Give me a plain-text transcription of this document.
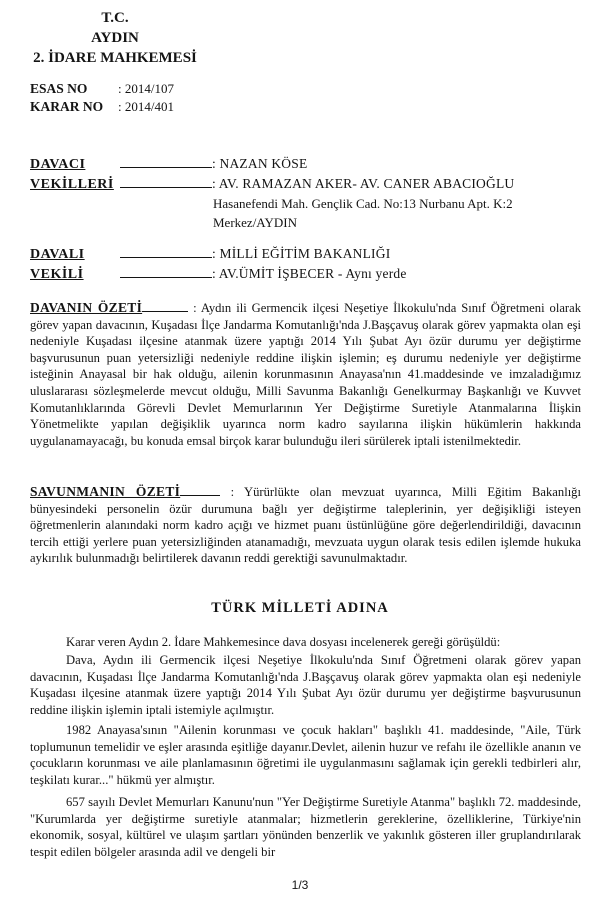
T.C.
AYDIN
2. İDARE MAHKEMESİ
ESAS NO	: 2014/107
KARAR NO	: 2014/401
DAVACI	: NAZAN KÖSE
VEKİLLERİ	: AV. RAMAZAN AKER- AV. CANER ABACIOĞLU
Hasanefendi Mah. Gençlik Cad. No:13 Nurbanu Apt. K:2
Merkez/AYDIN
DAVALI	: MİLLİ EĞİTİM BAKANLIĞI
VEKİLİ	: AV.ÜMİT İŞBECER - Aynı yerde
DAVANIN ÖZETİ	: Aydın ili Germencik ilçesi Neşetiye İlkokulu'nda Sınıf Öğretmeni olarak görev yapan davacının, Kuşadası İlçe Jandarma Komutanlığı'nda J.Başçavuş olarak görev yapmakta olan eşi nedeniyle Kuşadası ilçesine atanmak üzere yaptığı 2014 Yılı Şubat Ayı özür durumu yer değiştirme başvurusunun puan yetersizliği nedeniyle reddine ilişkin işlemin; eş durumu nedeniyle yer değiştirme isteğinin Anayasal bir hak olduğu, ailenin korunmasının Anayasa'nın 41.maddesinde ve imzaladığımız uluslararası sözleşmelerde mevcut olduğu, Milli Savunma Bakanlığı Genelkurmay Başkanlığı ve Kuvvet Komutanlıklarında Görevli Devlet Memurlarının Yer Değiştirme Suretiyle Atanmalarına İlişkin Yönetmelikte yapılan değişiklik uyarınca norm kadro sayılarına ilişkin hükümlerin hakkında uygulanamayacağı, bu konuda emsal birçok karar bulunduğu ileri sürülerek iptali istenilmektedir.
SAVUNMANIN ÖZETİ	: Yürürlükte olan mevzuat uyarınca, Milli Eğitim Bakanlığı bünyesindeki personelin özür durumuna bağlı yer değiştirme taleplerinin, yer değişikliği isteyen öğretmenlerin alanındaki norm kadro açığı ve hizmet puanı üstünlüğüne göre değerlendirildiği, davacının tercih ettiği yerlere puan yetersizliğinden atanamadığı, mevzuata uygun olarak tesis edilen işlemde hukuka aykırılık bulunmadığı belirtilerek davanın reddi gerektiği savunulmaktadır.
TÜRK MİLLETİ ADINA
Karar veren Aydın 2. İdare Mahkemesince dava dosyası incelenerek gereği görüşüldü:
Dava, Aydın ili Germencik ilçesi Neşetiye İlkokulu'nda Sınıf Öğretmeni olarak görev yapan davacının, Kuşadası İlçe Jandarma Komutanlığı'nda J.Başçavuş olarak görev yapmakta olan eşi nedeniyle Kuşadası ilçesine atanmak üzere yaptığı 2014 Yılı Şubat Ayı özür durumu yer değiştirme başvurusunun reddine ilişkin işlemin iptali istemiyle açılmıştır.
1982 Anayasa'sının "Ailenin korunması ve çocuk hakları" başlıklı 41. maddesinde, "Aile, Türk toplumunun temelidir ve eşler arasında eşitliğe dayanır.Devlet, ailenin huzur ve refahı ile özellikle ananın ve çocukların korunması ve aile planlamasının öğretimi ile uygulanmasını sağlamak için gerekli tedbirleri alır, teşkilatı kurar..." hükmü yer almıştır.
657 sayılı Devlet Memurları Kanunu'nun "Yer Değiştirme Suretiyle Atanma" başlıklı 72. maddesinde, "Kurumlarda yer değiştirme suretiyle atanmalar; hizmetlerin gereklerine, özelliklerine, Türkiye'nin ekonomik, sosyal, kültürel ve ulaşım şartları yönünden benzerlik ve yakınlık gösteren iller gruplandırılarak tespit edilen bölgeler arasında adil ve dengeli bir
1/3
